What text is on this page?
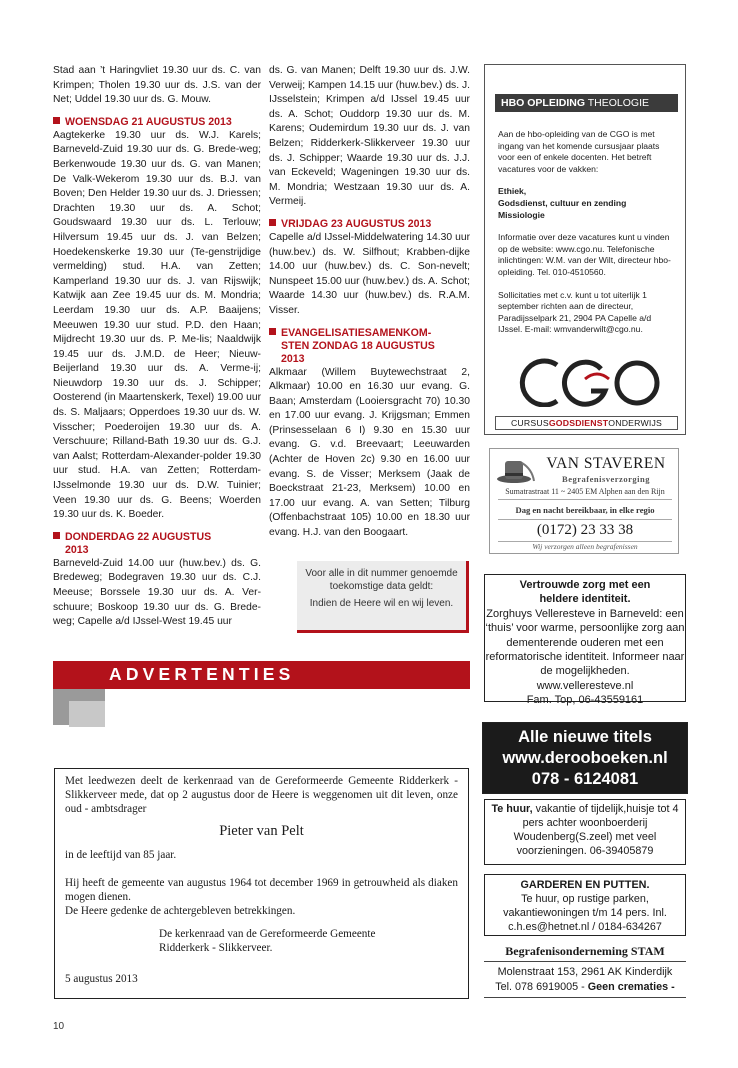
Stad aan ’t Haringvliet 19.30 uur ds. C. van Krimpen; Tholen 19.30 uur ds. J.S. van der Net; Uddel 19.30 uur ds. G. Mouw.

WOENSDAG 21 AUGUSTUS 2013

Aagtekerke 19.30 uur ds. W.J. Karels; Barneveld-Zuid 19.30 uur ds. G. Brede-weg; Berkenwoude 19.30 uur ds. G. van Manen; De Valk-Wekerom 19.30 uur ds. B.J. van Boven; Den Helder 19.30 uur ds. J. Driessen; Drachten 19.30 uur ds. A. Schot; Goudswaard 19.30 uur ds. L. Terlouw; Hilversum 19.45 uur ds. J. van Belzen; Hoedekenskerke 19.30 uur (Te-genstrijdige vermelding) stud. H.A. van Zetten; Kamperland 19.30 uur ds. J. van Rijswijk; Katwijk aan Zee 19.45 uur ds. M. Mondria; Leerdam 19.30 uur ds. A.P. Baaijens; Meeuwen 19.30 uur stud. P.D. den Haan; Mijdrecht 19.30 uur ds. P. Me-lis; Naaldwijk 19.45 uur ds. J.M.D. de Heer; Nieuw-Beijerland 19.30 uur ds. A. Verme-ij; Nieuwdorp 19.30 uur ds. J. Schipper; Oosterend (in Maartenskerk, Texel) 19.00 uur ds. S. Maljaars; Opperdoes 19.30 uur ds. W. Visscher; Poederoijen 19.30 uur ds. A. Verschuure; Rilland-Bath 19.30 uur ds. G.J. van Aalst; Rotterdam-Alexander-polder 19.30 uur stud. H.A. van Zetten; Rotterdam-IJsselmonde 19.30 uur ds. D.W. Tuinier; Veen 19.30 uur ds. G. Beens; Woerden 19.30 uur ds. K. Boeder.

DONDERDAG 22 AUGUSTUS
2013

Barneveld-Zuid 14.00 uur (huw.bev.) ds. G. Bredeweg; Bodegraven 19.30 uur ds. C.J. Meeuse; Borssele 19.30 uur ds. A. Ver-schuure; Boskoop 19.30 uur ds. G. Brede-weg; Capelle a/d IJssel-West 19.45 uur

ds. G. van Manen; Delft 19.30 uur ds. J.W. Verweij; Kampen 14.15 uur (huw.bev.) ds. J. IJsselstein; Krimpen a/d IJssel 19.45 uur ds. A. Schot; Ouddorp 19.30 uur ds. M. Karens; Oudemirdum 19.30 uur ds. J. van Belzen; Ridderkerk-Slikkerveer 19.30 uur ds. J. Schipper; Waarde 19.30 uur ds. J.J. van Eckeveld; Wageningen 19.30 uur ds. M. Mondria; Westzaan 19.30 uur ds. A. Vermeij.

VRIJDAG 23 AUGUSTUS 2013

Capelle a/d IJssel-Middelwatering 14.30 uur (huw.bev.) ds. W. Silfhout; Krabben-dijke 14.00 uur (huw.bev.) ds. C. Son-nevelt; Nunspeet 15.00 uur (huw.bev.) ds. A. Schot; Waarde 14.30 uur (huw.bev.) ds. R.A.M. Visser.

EVANGELISATIESAMENKOM-
STEN ZONDAG 18 AUGUSTUS
2013

Alkmaar (Willem Buytewechstraat 2, Alkmaar) 10.00 en 16.30 uur evang. G. Baan; Amsterdam (Looiersgracht 70) 10.30 en 17.00 uur evang. J. Krijgsman; Emmen (Prinsesselaan 6 I) 9.30 en 15.30 uur evang. G. v.d. Breevaart; Leeuwarden (Achter de Hoven 2c) 9.30 en 16.00 uur evang. S. de Visser; Merksem (Jaak de Boeckstraat 21-23, Merksem) 10.00 en 17.00 uur evang. A. van Setten; Tilburg (Offenbachstraat 105) 10.00 en 18.30 uur evang. H.J. van den Boogaart.

Voor alle in dit nummer genoemde toekomstige data geldt:

Indien de Heere wil en wij leven.

HBO OPLEIDING THEOLOGIE

Aan de hbo-opleiding van de CGO is met ingang van het komende cursusjaar plaats voor een of enkele docenten. Het betreft vacatures voor de vakken:

Ethiek,

Godsdienst, cultuur en zending

Missiologie

Informatie over deze vacatures kunt u vinden op de website: www.cgo.nu. Telefonische inlichtingen: W.M. van der Wilt, directeur hbo-opleiding. Tel. 010-4510560.

Sollicitaties met c.v. kunt u tot uiterlijk 1 september richten aan de directeur, Paradijsselpark 21, 2904 PA Capelle a/d IJssel. E-mail: wmvanderwilt@cgo.nu.

CURSUSGODSDIENSTONDERWIJS
VAN STAVEREN
Begrafenisverzorging
Sumatrastraat 11 ~ 2405 EM Alphen aan den Rijn
Dag en nacht bereikbaar, in elke regio
(0172) 23 33 38
Wij verzorgen alleen begrafenissen
Vertrouwde zorg met een
heldere identiteit.
Zorghuys Velleresteve in Barneveld: een ‘thuis’ voor warme, persoonlijke zorg aan dementerende ouderen met een reformatorische identiteit. Informeer naar de mogelijkheden.
www.velleresteve.nl
Fam. Top, 06-43559161
Alle nieuwe titels
www.derooboeken.nl
078 - 6124081
Te huur, vakantie of tijdelijk,huisje tot 4 pers achter woonboerderij Woudenberg(S.zeel) met veel voorzieningen. 06-39405879
GARDEREN EN PUTTEN.
Te huur, op rustige parken, vakantiewoningen t/m 14 pers. Inl. c.h.es@hetnet.nl / 0184-634267
Begrafenisonderneming STAM
Molenstraat 153, 2961 AK Kinderdijk
Tel. 078 6919005 - Geen crematies -
ADVERTENTIES

Met leedwezen deelt de kerkenraad van de Gereformeerde Gemeente Ridderkerk - Slikkerveer mede, dat op 2 augustus door de Heere is weggenomen uit dit leven, onze oud - ambtsdrager

Pieter van Pelt

in de leeftijd van 85 jaar.

Hij heeft de gemeente van augustus 1964 tot december 1969 in getrouwheid als diaken mogen dienen.

De Heere gedenke de achtergebleven betrekkingen.

De kerkenraad van de Gereformeerde Gemeente

Ridderkerk - Slikkerveer.

5 augustus 2013

10
